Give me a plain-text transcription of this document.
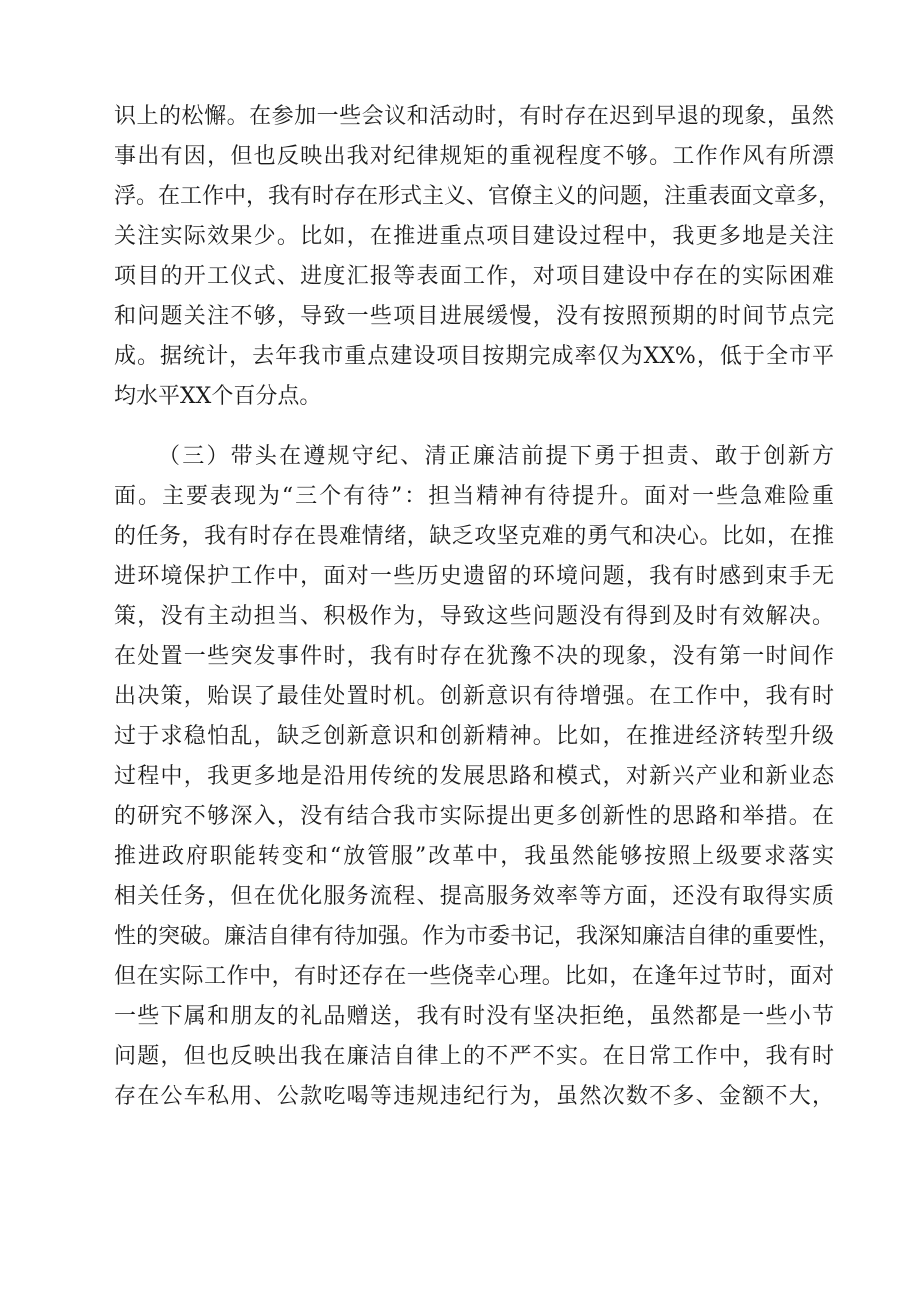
识上的松懈。在参加一些会议和活动时，有时存在迟到早退的现象，虽然
事出有因，但也反映出我对纪律规矩的重视程度不够。工作作风有所漂
浮。在工作中，我有时存在形式主义、官僚主义的问题，注重表面文章多，
关注实际效果少。比如，在推进重点项目建设过程中，我更多地是关注
项目的开工仪式、进度汇报等表面工作，对项目建设中存在的实际困难
和问题关注不够，导致一些项目进展缓慢，没有按照预期的时间节点完
成。据统计，去年我市重点建设项目按期完成率仅为XX%，低于全市平
均水平XX个百分点。
（三）带头在遵规守纪、清正廉洁前提下勇于担责、敢于创新方
面。主要表现为“三个有待”：担当精神有待提升。面对一些急难险重
的任务，我有时存在畏难情绪，缺乏攻坚克难的勇气和决心。比如，在推
进环境保护工作中，面对一些历史遗留的环境问题，我有时感到束手无
策，没有主动担当、积极作为，导致这些问题没有得到及时有效解决。
在处置一些突发事件时，我有时存在犹豫不决的现象，没有第一时间作
出决策，贻误了最佳处置时机。创新意识有待增强。在工作中，我有时
过于求稳怕乱，缺乏创新意识和创新精神。比如，在推进经济转型升级
过程中，我更多地是沿用传统的发展思路和模式，对新兴产业和新业态
的研究不够深入，没有结合我市实际提出更多创新性的思路和举措。在
推进政府职能转变和“放管服”改革中，我虽然能够按照上级要求落实
相关任务，但在优化服务流程、提高服务效率等方面，还没有取得实质
性的突破。廉洁自律有待加强。作为市委书记，我深知廉洁自律的重要性，
但在实际工作中，有时还存在一些侥幸心理。比如，在逢年过节时，面对
一些下属和朋友的礼品赠送，我有时没有坚决拒绝，虽然都是一些小节
问题，但也反映出我在廉洁自律上的不严不实。在日常工作中，我有时
存在公车私用、公款吃喝等违规违纪行为，虽然次数不多、金额不大，
